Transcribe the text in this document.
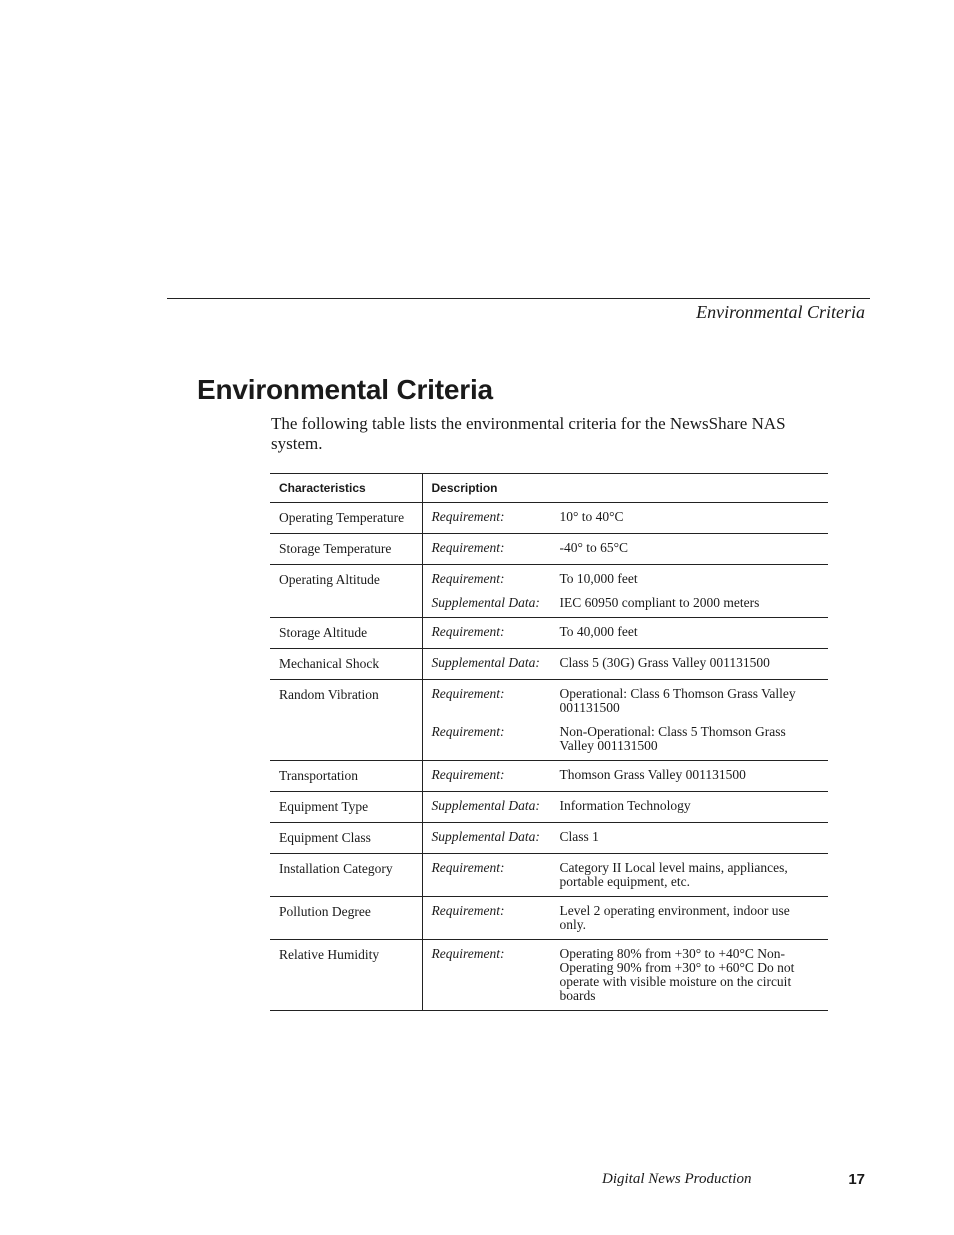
Environmental Criteria
Environmental Criteria

The following table lists the environmental criteria for the NewsShare NAS system.

Characteristics	Description
Operating Temperature	Requirement: 10° to 40°C

Storage Temperature	Requirement: -40° to 65°C

Operating Altitude	Requirement: To 10,000 feet
Supplemental Data: IEC 60950 compliant to 2000 meters

Storage Altitude	Requirement: To 40,000 feet

Mechanical Shock	Supplemental Data: Class 5 (30G) Grass Valley 001131500

Random Vibration	Requirement: Operational: Class 6 Thomson Grass Valley 001131500
Requirement: Non-Operational: Class 5 Thomson Grass Valley 001131500

Transportation	Requirement: Thomson Grass Valley 001131500

Equipment Type	Supplemental Data: Information Technology

Equipment Class	Supplemental Data: Class 1

Installation Category	Requirement: Category II Local level mains, appliances, portable equipment, etc.

Pollution Degree	Requirement: Level 2 operating environment, indoor use only.

Relative Humidity	Requirement: Operating 80% from +30° to +40°C Non-Operating 90% from +30° to +60°C Do not operate with visible moisture on the circuit boards
Digital News Production	17
